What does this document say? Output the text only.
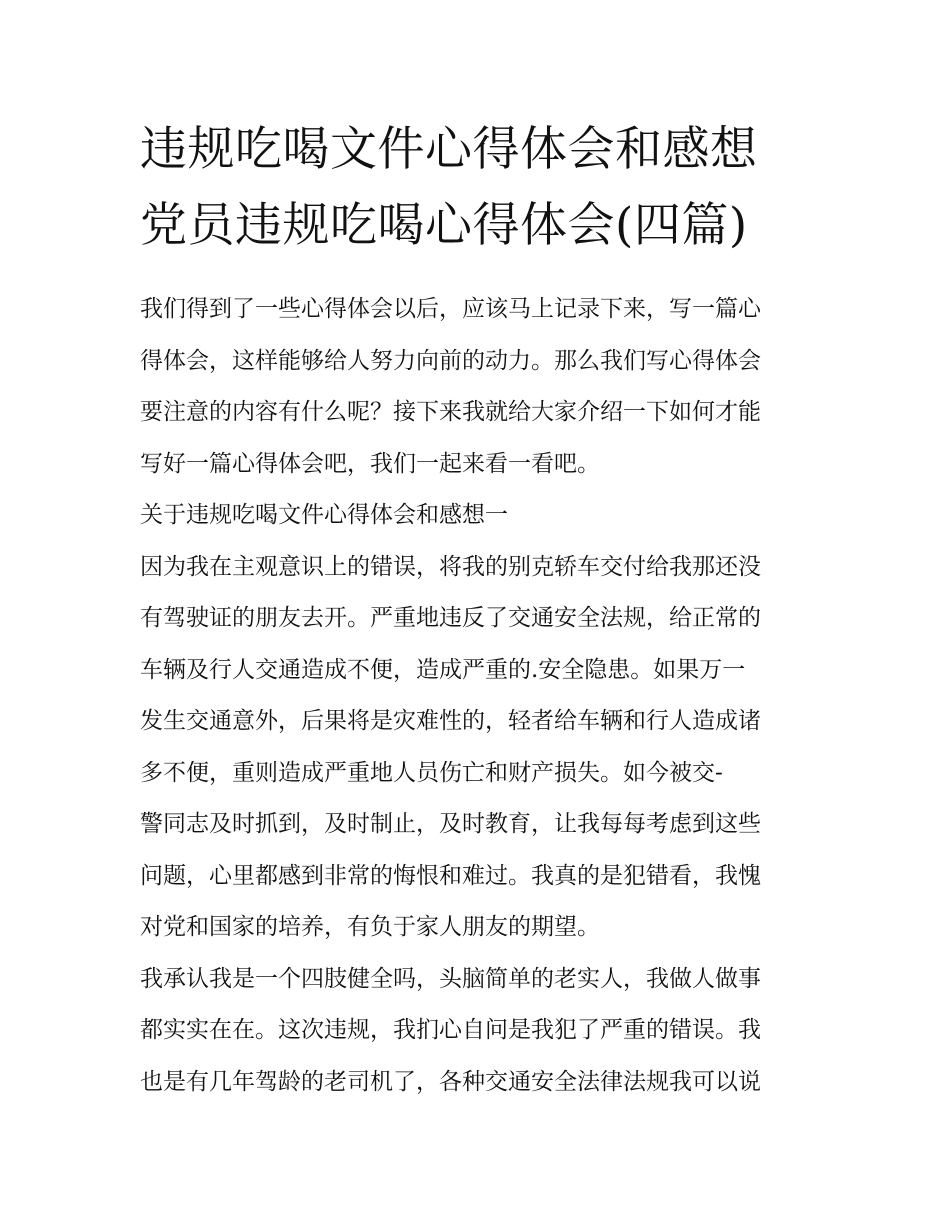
违规吃喝文件心得体会和感想
党员违规吃喝心得体会(四篇)
我们得到了一些心得体会以后，应该马上记录下来，写一篇心
得体会，这样能够给人努力向前的动力。那么我们写心得体会
要注意的内容有什么呢？接下来我就给大家介绍一下如何才能
写好一篇心得体会吧，我们一起来看一看吧。
关于违规吃喝文件心得体会和感想一
因为我在主观意识上的错误，将我的别克轿车交付给我那还没
有驾驶证的朋友去开。严重地违反了交通安全法规，给正常的
车辆及行人交通造成不便，造成严重的.安全隐患。如果万一
发生交通意外，后果将是灾难性的，轻者给车辆和行人造成诸
多不便，重则造成严重地人员伤亡和财产损失。如今被交-
警同志及时抓到，及时制止，及时教育，让我每每考虑到这些
问题，心里都感到非常的悔恨和难过。我真的是犯错看，我愧
对党和国家的培养，有负于家人朋友的期望。
我承认我是一个四肢健全吗，头脑简单的老实人，我做人做事
都实实在在。这次违规，我扪心自问是我犯了严重的错误。我
也是有几年驾龄的老司机了，各种交通安全法律法规我可以说
